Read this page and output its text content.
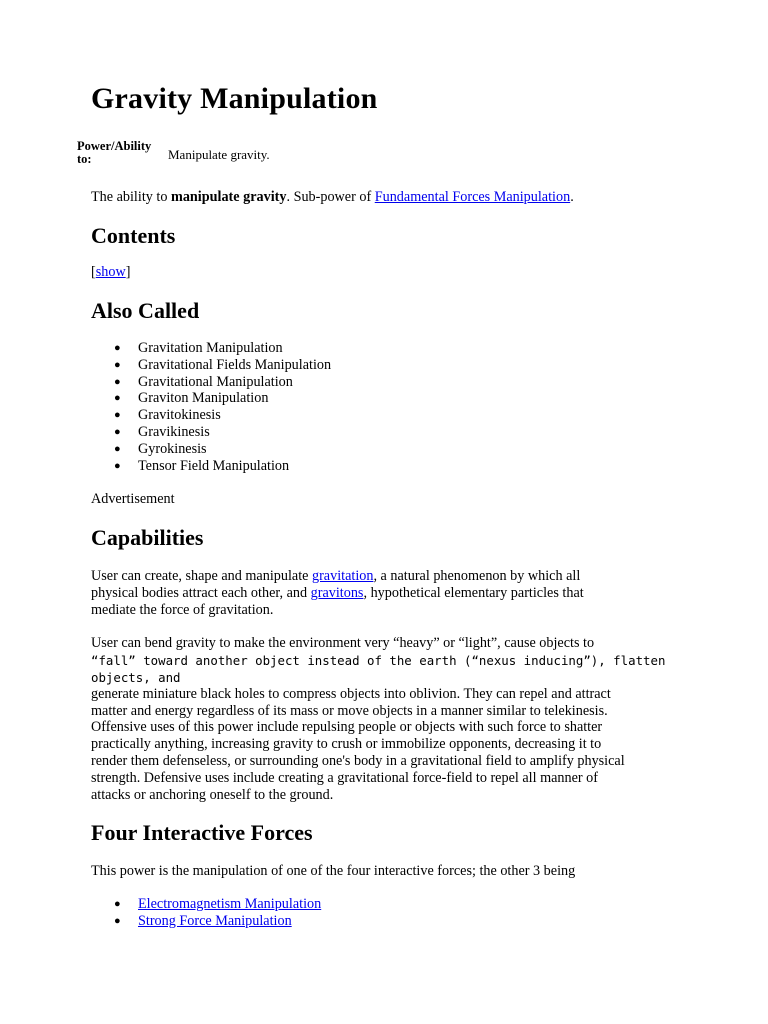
Gravity Manipulation
Power/Ability to:	Manipulate gravity.

The ability to manipulate gravity. Sub-power of Fundamental Forces Manipulation.

Contents

[show]

Also Called
● Gravitation Manipulation
● Gravitational Fields Manipulation
● Gravitational Manipulation
● Graviton Manipulation
● Gravitokinesis
● Gravikinesis
● Gyrokinesis
● Tensor Field Manipulation

Advertisement

Capabilities
User can create, shape and manipulate gravitation, a natural phenomenon by which all
physical bodies attract each other, and gravitons, hypothetical elementary particles that
mediate the force of gravitation.
User can bend gravity to make the environment very “heavy” or “light”, cause objects to
“fall” toward another object instead of the earth (“nexus inducing”), flatten objects, and
generate miniature black holes to compress objects into oblivion. They can repel and attract
matter and energy regardless of its mass or move objects in a manner similar to telekinesis.
Offensive uses of this power include repulsing people or objects with such force to shatter
practically anything, increasing gravity to crush or immobilize opponents, decreasing it to
render them defenseless, or surrounding one's body in a gravitational field to amplify physical
strength. Defensive uses include creating a gravitational force-field to repel all manner of
attacks or anchoring oneself to the ground.
Four Interactive Forces

This power is the manipulation of one of the four interactive forces; the other 3 being

● Electromagnetism Manipulation
● Strong Force Manipulation
